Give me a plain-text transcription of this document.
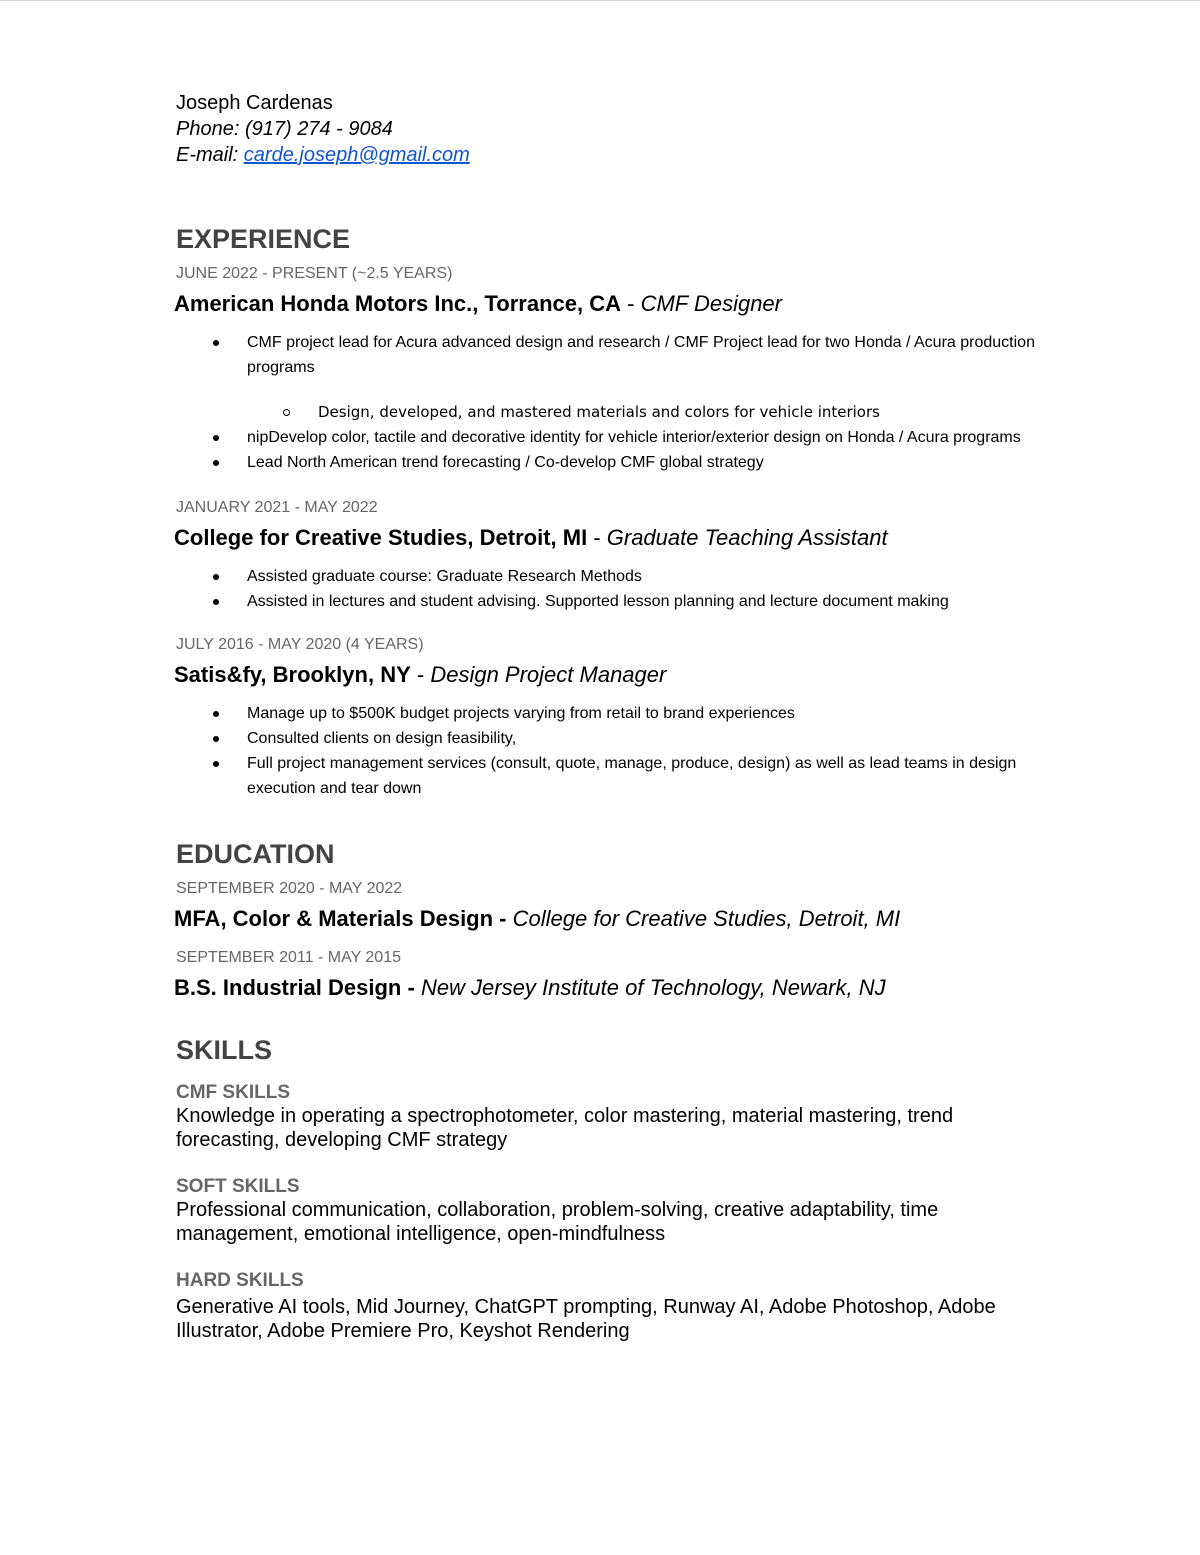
Joseph Cardenas

Phone: (917) 274 - 9084

E-mail: carde.joseph@gmail.com

EXPERIENCE

JUNE 2022 - PRESENT (~2.5 YEARS)

American Honda Motors Inc., Torrance, CA - CMF Designer

CMF project lead for Acura advanced design and research / CMF Project lead for two Honda / Acura production programs
Design, developed, and mastered materials and colors for vehicle interiors
nipDevelop color, tactile and decorative identity for vehicle interior/exterior design on Honda / Acura programs
Lead North American trend forecasting / Co-develop CMF global strategy

JANUARY 2021 - MAY 2022

College for Creative Studies, Detroit, MI - Graduate Teaching Assistant

Assisted graduate course: Graduate Research Methods
Assisted in lectures and student advising. Supported lesson planning and lecture document making

JULY 2016 - MAY 2020 (4 YEARS)

Satis&fy, Brooklyn, NY - Design Project Manager

Manage up to $500K budget projects varying from retail to brand experiences
Consulted clients on design feasibility,
Full project management services (consult, quote, manage, produce, design) as well as lead teams in design execution and tear down
EDUCATION

SEPTEMBER 2020 - MAY 2022

MFA, Color & Materials Design - College for Creative Studies, Detroit, MI

SEPTEMBER 2011 - MAY 2015

B.S. Industrial Design - New Jersey Institute of Technology, Newark, NJ

SKILLS

CMF SKILLS

Knowledge in operating a spectrophotometer, color mastering, material mastering, trend forecasting, developing CMF strategy

SOFT SKILLS

Professional communication, collaboration, problem-solving, creative adaptability, time management, emotional intelligence, open-mindfulness

HARD SKILLS

Generative AI tools, Mid Journey, ChatGPT prompting, Runway AI, Adobe Photoshop, Adobe Illustrator, Adobe Premiere Pro, Keyshot Rendering
